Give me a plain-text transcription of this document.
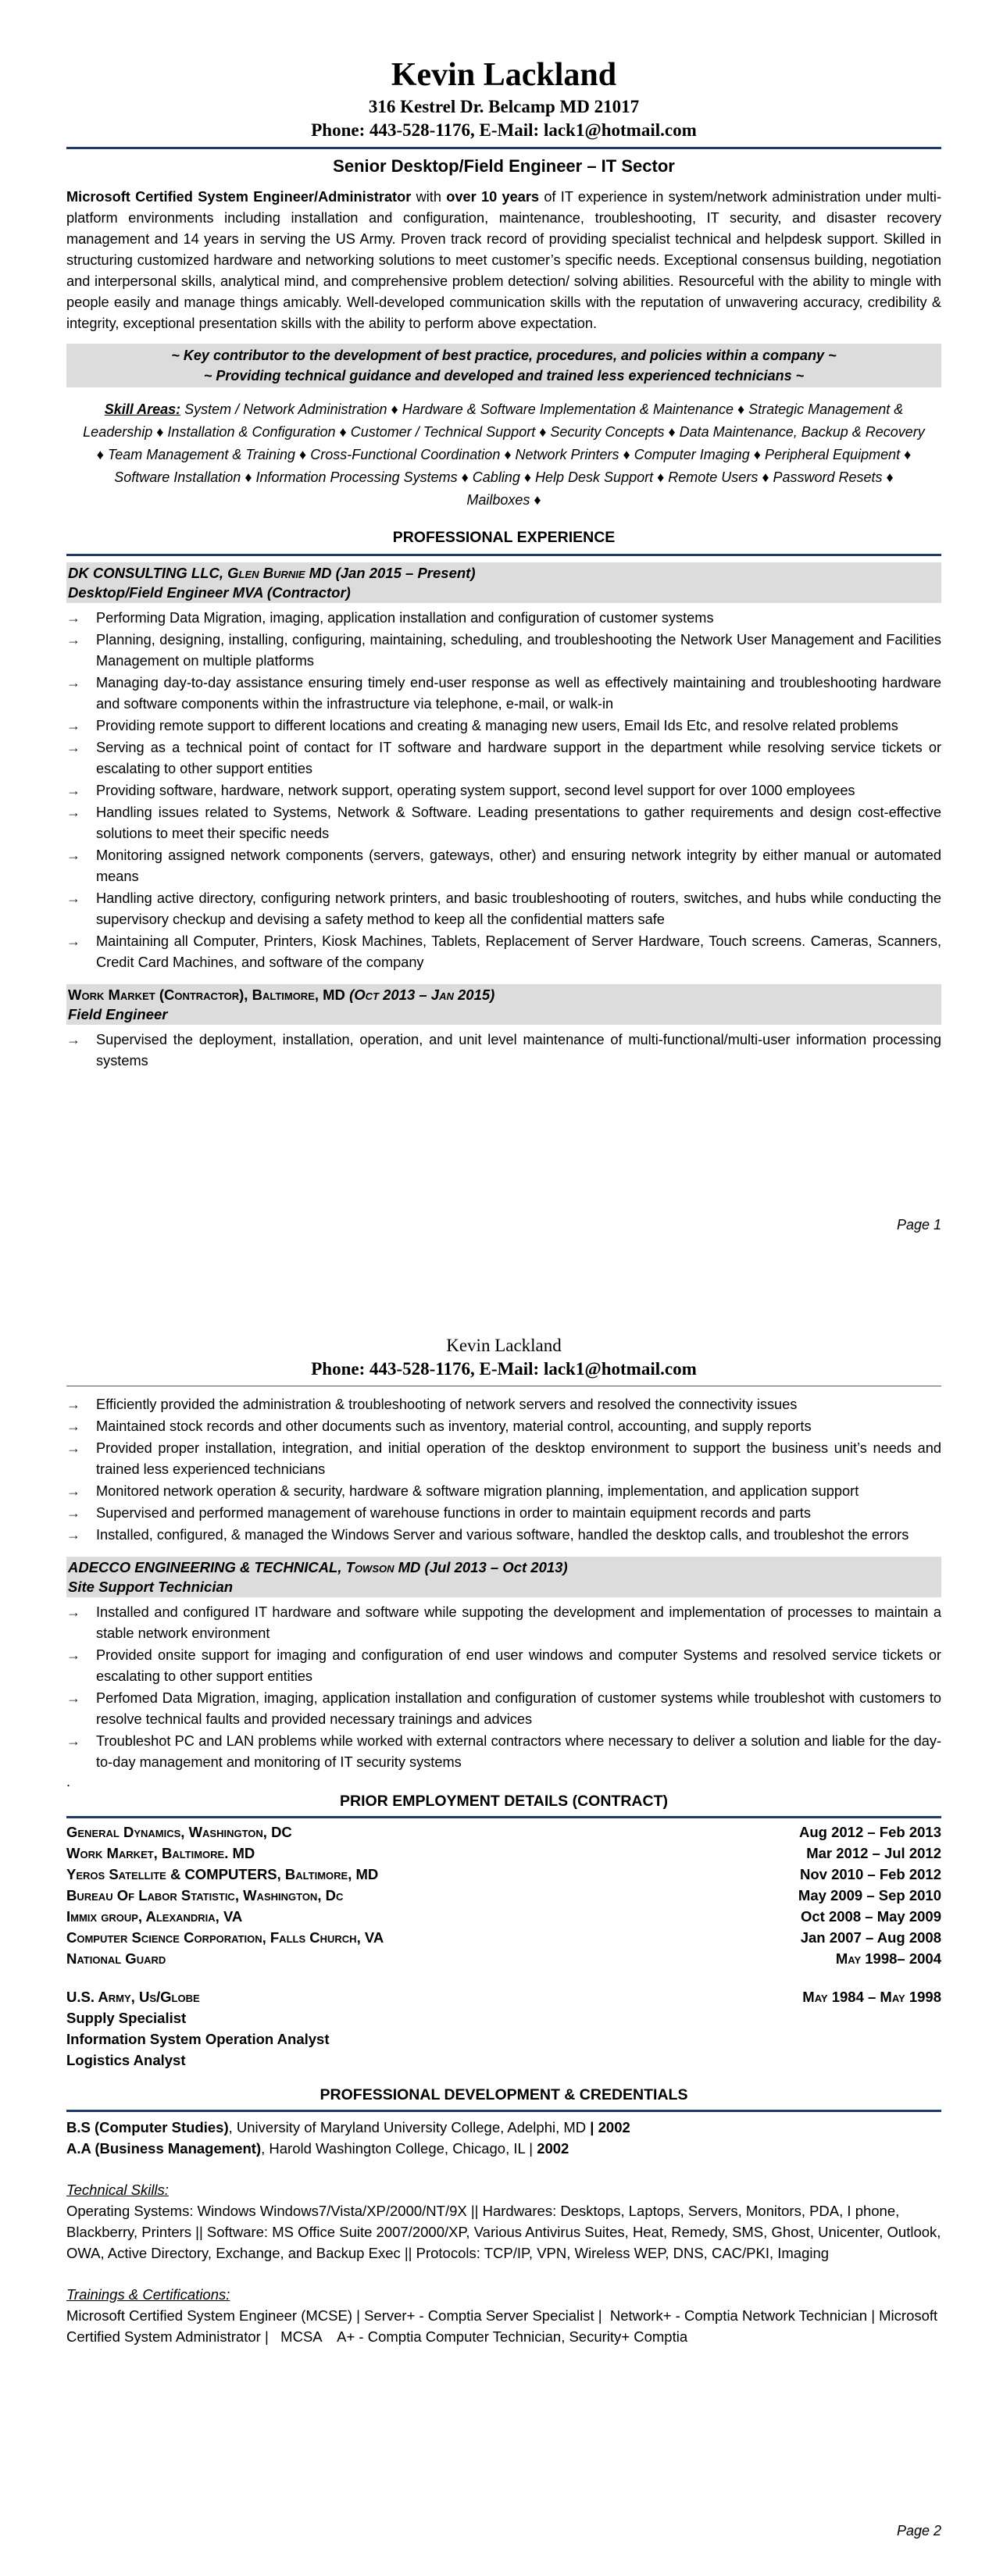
Kevin Lackland
316 Kestrel Dr. Belcamp MD 21017
Phone: 443-528-1176, E-Mail: lack1@hotmail.com
Senior Desktop/Field Engineer – IT Sector
Microsoft Certified System Engineer/Administrator with over 10 years of IT experience in system/network administration under multi-platform environments including installation and configuration, maintenance, troubleshooting, IT security, and disaster recovery management and 14 years in serving the US Army. Proven track record of providing specialist technical and helpdesk support. Skilled in structuring customized hardware and networking solutions to meet customer’s specific needs. Exceptional consensus building, negotiation and interpersonal skills, analytical mind, and comprehensive problem detection/ solving abilities. Resourceful with the ability to mingle with people easily and manage things amicably. Well-developed communication skills with the reputation of unwavering accuracy, credibility & integrity, exceptional presentation skills with the ability to perform above expectation.
~ Key contributor to the development of best practice, procedures, and policies within a company ~
~ Providing technical guidance and developed and trained less experienced technicians ~
Skill Areas: System / Network Administration ♦ Hardware & Software Implementation & Maintenance ♦ Strategic Management & Leadership ♦ Installation & Configuration ♦ Customer / Technical Support ♦ Security Concepts ♦ Data Maintenance, Backup & Recovery ♦ Team Management & Training ♦ Cross-Functional Coordination ♦ Network Printers ♦ Computer Imaging ♦ Peripheral Equipment ♦ Software Installation ♦ Information Processing Systems ♦ Cabling ♦ Help Desk Support ♦ Remote Users ♦ Password Resets ♦ Mailboxes ♦
PROFESSIONAL EXPERIENCE
DK CONSULTING LLC, Glen Burnie MD (Jan 2015 – Present)
Desktop/Field Engineer MVA (Contractor)
→	Performing Data Migration, imaging, application installation and configuration of customer systems
→	Planning, designing, installing, configuring, maintaining, scheduling, and troubleshooting the Network User Management and Facilities Management on multiple platforms
→	Managing day-to-day assistance ensuring timely end-user response as well as effectively maintaining and troubleshooting hardware and software components within the infrastructure via telephone, e-mail, or walk-in
→	Providing remote support to different locations and creating & managing new users, Email Ids Etc, and resolve related problems
→	Serving as a technical point of contact for IT software and hardware support in the department while resolving service tickets or escalating to other support entities
→	Providing software, hardware, network support, operating system support, second level support for over 1000 employees
→	Handling issues related to Systems, Network & Software. Leading presentations to gather requirements and design cost-effective solutions to meet their specific needs
→	Monitoring assigned network components (servers, gateways, other) and ensuring network integrity by either manual or automated means
→	Handling active directory, configuring network printers, and basic troubleshooting of routers, switches, and hubs while conducting the supervisory checkup and devising a safety method to keep all the confidential matters safe
→	Maintaining all Computer, Printers, Kiosk Machines, Tablets, Replacement of Server Hardware, Touch screens. Cameras, Scanners, Credit Card Machines, and software of the company
Work Market (Contractor), Baltimore, MD (Oct 2013 – Jan 2015)
Field Engineer
→	Supervised the deployment, installation, operation, and unit level maintenance of multi-functional/multi-user information processing systems
Page 1
Kevin Lackland
Phone: 443-528-1176, E-Mail: lack1@hotmail.com
→	Efficiently provided the administration & troubleshooting of network servers and resolved the connectivity issues
→	Maintained stock records and other documents such as inventory, material control, accounting, and supply reports
→	Provided proper installation, integration, and initial operation of the desktop environment to support the business unit’s needs and trained less experienced technicians
→	Monitored network operation & security, hardware & software migration planning, implementation, and application support
→	Supervised and performed management of warehouse functions in order to maintain equipment records and parts
→	Installed, configured, & managed the Windows Server and various software, handled the desktop calls, and troubleshot the errors
ADECCO ENGINEERING & TECHNICAL, Towson MD (Jul 2013 – Oct 2013)
Site Support Technician
→	Installed and configured IT hardware and software while suppoting the development and implementation of processes to maintain a stable network environment
→	Provided onsite support for imaging and configuration of end user windows and computer Systems and resolved service tickets or escalating to other support entities
→	Perfomed Data Migration, imaging, application installation and configuration of customer systems while troubleshot with customers to resolve technical faults and provided necessary trainings and advices
→	Troubleshot PC and LAN problems while worked with external contractors where necessary to deliver a solution and liable for the day-to-day management and monitoring of IT security systems
.
PRIOR EMPLOYMENT DETAILS (CONTRACT)
General Dynamics, Washington, DC	Aug 2012 – Feb 2013
Work Market, Baltimore. MD	Mar 2012 – Jul 2012
Yeros Satellite & COMPUTERS, Baltimore, MD	Nov 2010 – Feb 2012
Bureau Of Labor Statistic, Washington, Dc	May 2009 – Sep 2010
Immix group, Alexandria, VA	Oct 2008 – May 2009
Computer Science Corporation, Falls Church, VA	Jan 2007 – Aug 2008
National Guard	May 1998– 2004
U.S. Army, Us/Globe	May 1984 – May 1998
Supply Specialist
Information System Operation Analyst
Logistics Analyst
PROFESSIONAL DEVELOPMENT & CREDENTIALS
B.S (Computer Studies), University of Maryland University College, Adelphi, MD | 2002
A.A (Business Management), Harold Washington College, Chicago, IL | 2002
Technical Skills:
Operating Systems: Windows Windows7/Vista/XP/2000/NT/9X || Hardwares: Desktops, Laptops, Servers, Monitors, PDA, I phone, Blackberry, Printers || Software: MS Office Suite 2007/2000/XP, Various Antivirus Suites, Heat, Remedy, SMS, Ghost, Unicenter, Outlook, OWA, Active Directory, Exchange, and Backup Exec || Protocols: TCP/IP, VPN, Wireless WEP, DNS, CAC/PKI, Imaging
Trainings & Certifications:
Microsoft Certified System Engineer (MCSE) | Server+ - Comptia Server Specialist |  Network+ - Comptia Network Technician | Microsoft Certified System Administrator |   MCSA    A+ - Comptia Computer Technician, Security+ Comptia
Page 2
